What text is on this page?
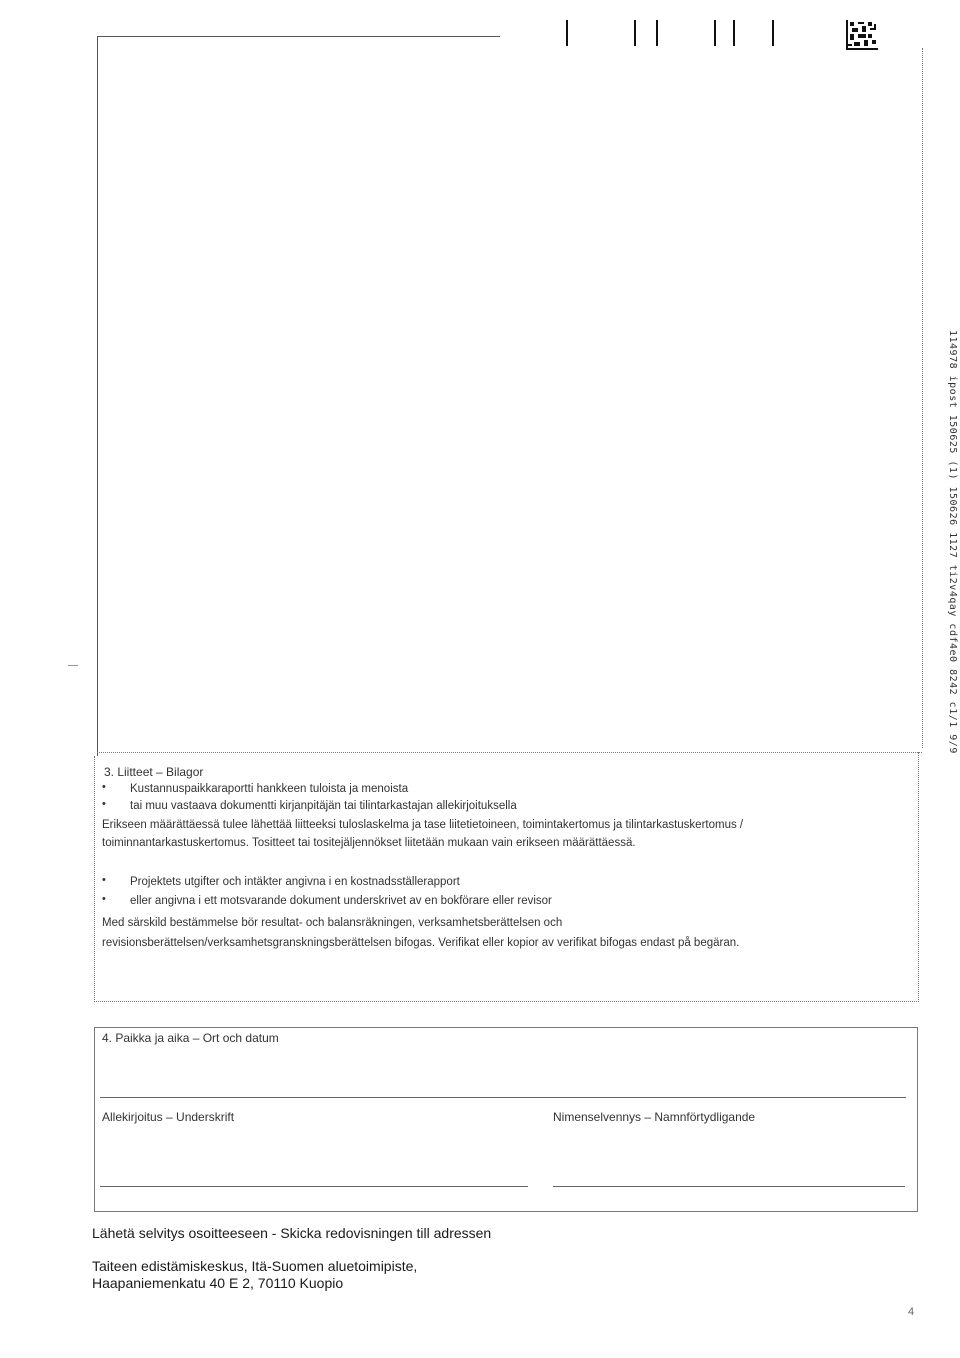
114978 ipost 150625 (1) 150626 1127 ti2v4qay cdf4e0 8242 c1/1 9/9
3. Liitteet – Bilagor
• Kustannuspaikkaraportti hankkeen tuloista ja menoista
• tai muu vastaava dokumentti kirjanpitäjän tai tilintarkastajan allekirjoituksella
Erikseen määrättäessä tulee lähettää liitteeksi tuloslaskelma ja tase liitetietoineen, toimintakertomus ja tilintarkastuskertomus /
toiminnantarkastuskertomus. Tositteet tai tositejäljennökset liitetään mukaan vain erikseen määrättäessä.
• Projektets utgifter och intäkter angivna i en kostnadsställerapport
• eller angivna i ett motsvarande dokument underskrivet av en bokförare eller revisor
Med särskild bestämmelse bör resultat- och balansräkningen, verksamhetsberättelsen och
revisionsberättelsen/verksamhetsgranskningsberättelsen bifogas. Verifikat eller kopior av verifikat bifogas endast på begäran.
4. Paikka ja aika – Ort och datum
Allekirjoitus – Underskrift	Nimenselvennys – Namnförtydligande
Lähetä selvitys osoitteeseen - Skicka redovisningen till adressen
Taiteen edistämiskeskus, Itä-Suomen aluetoimipiste,
Haapaniemenkatu 40 E 2, 70110 Kuopio
4
